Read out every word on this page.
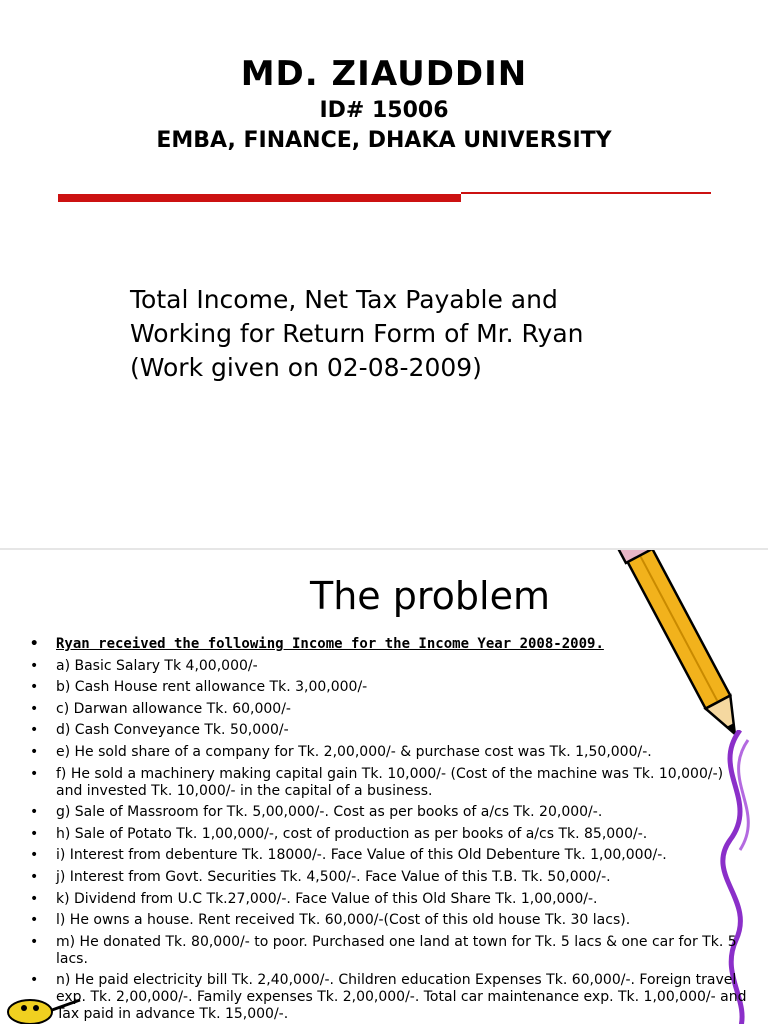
MD. ZIAUDDIN
ID# 15006
EMBA, FINANCE, DHAKA UNIVERSITY
Total Income, Net Tax Payable and
Working for Return Form of Mr. Ryan
(Work given on 02-08-2009)
The problem
• Ryan received the following Income for the Income Year 2008-2009.
• a) Basic Salary Tk 4,00,000/-
• b) Cash House rent allowance Tk. 3,00,000/-
• c) Darwan allowance Tk. 60,000/-
• d) Cash Conveyance Tk. 50,000/-
• e) He sold share of a company for Tk. 2,00,000/- & purchase cost was Tk. 1,50,000/-.
• f) He sold a machinery making capital gain Tk. 10,000/- (Cost of the machine was Tk. 10,000/-) and invested Tk. 10,000/- in the capital of a business.
• g) Sale of Massroom for Tk. 5,00,000/-. Cost as per books of a/cs Tk. 20,000/-.
• h) Sale of Potato Tk. 1,00,000/-, cost of production as per books of a/cs Tk. 85,000/-.
• i) Interest from debenture Tk. 18000/-. Face Value of this Old Debenture Tk. 1,00,000/-.
• j) Interest from Govt. Securities Tk. 4,500/-. Face Value of this T.B. Tk. 50,000/-.
• k) Dividend from U.C Tk.27,000/-. Face Value of this Old Share Tk. 1,00,000/-.
• l) He owns a house. Rent received Tk. 60,000/-(Cost of this old house Tk. 30 lacs).
• m) He donated Tk. 80,000/- to poor. Purchased one land at town for Tk. 5 lacs & one car for Tk. 5 lacs.
• n) He paid electricity bill Tk. 2,40,000/-. Children education Expenses Tk. 60,000/-. Foreign travel exp. Tk. 2,00,000/-. Family expenses Tk. 2,00,000/-. Total car maintenance exp. Tk. 1,00,000/- and Tax paid in advance Tk. 15,000/-.
